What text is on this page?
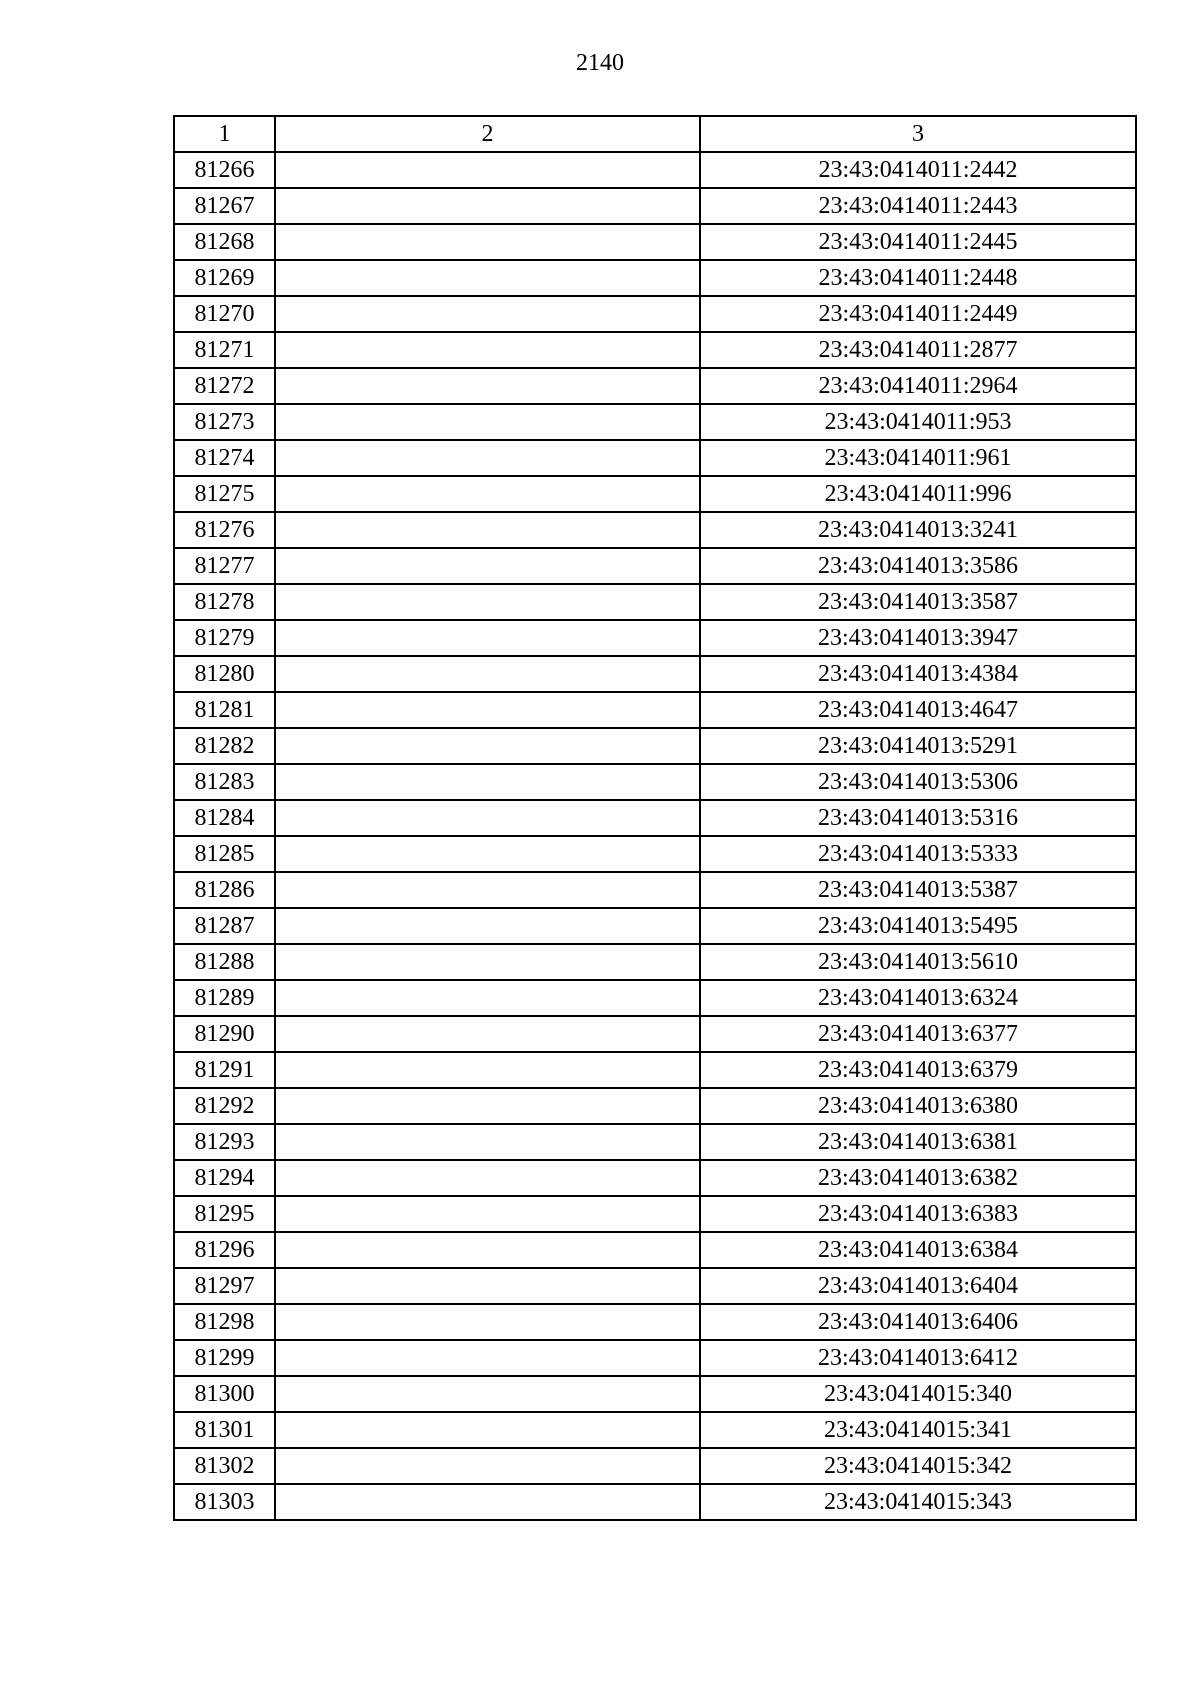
2140
1	2	3
81266		23:43:0414011:2442
81267		23:43:0414011:2443
81268		23:43:0414011:2445
81269		23:43:0414011:2448
81270		23:43:0414011:2449
81271		23:43:0414011:2877
81272		23:43:0414011:2964
81273		23:43:0414011:953
81274		23:43:0414011:961
81275		23:43:0414011:996
81276		23:43:0414013:3241
81277		23:43:0414013:3586
81278		23:43:0414013:3587
81279		23:43:0414013:3947
81280		23:43:0414013:4384
81281		23:43:0414013:4647
81282		23:43:0414013:5291
81283		23:43:0414013:5306
81284		23:43:0414013:5316
81285		23:43:0414013:5333
81286		23:43:0414013:5387
81287		23:43:0414013:5495
81288		23:43:0414013:5610
81289		23:43:0414013:6324
81290		23:43:0414013:6377
81291		23:43:0414013:6379
81292		23:43:0414013:6380
81293		23:43:0414013:6381
81294		23:43:0414013:6382
81295		23:43:0414013:6383
81296		23:43:0414013:6384
81297		23:43:0414013:6404
81298		23:43:0414013:6406
81299		23:43:0414013:6412
81300		23:43:0414015:340
81301		23:43:0414015:341
81302		23:43:0414015:342
81303		23:43:0414015:343
